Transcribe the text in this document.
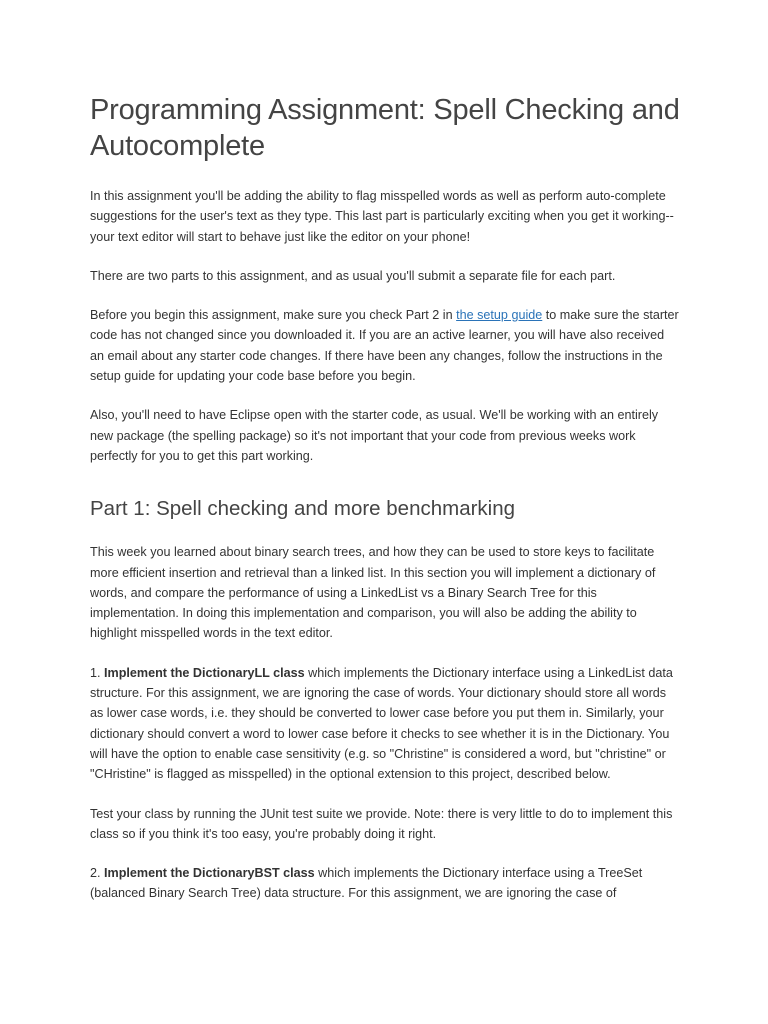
Programming Assignment: Spell Checking and Autocomplete

In this assignment you'll be adding the ability to flag misspelled words as well as perform auto-complete suggestions for the user's text as they type. This last part is particularly exciting when you get it working--your text editor will start to behave just like the editor on your phone!

There are two parts to this assignment, and as usual you'll submit a separate file for each part.

Before you begin this assignment, make sure you check Part 2 in the setup guide to make sure the starter code has not changed since you downloaded it. If you are an active learner, you will have also received an email about any starter code changes. If there have been any changes, follow the instructions in the setup guide for updating your code base before you begin.

Also, you'll need to have Eclipse open with the starter code, as usual. We'll be working with an entirely new package (the spelling package) so it's not important that your code from previous weeks work perfectly for you to get this part working.

Part 1: Spell checking and more benchmarking

This week you learned about binary search trees, and how they can be used to store keys to facilitate more efficient insertion and retrieval than a linked list. In this section you will implement a dictionary of words, and compare the performance of using a LinkedList vs a Binary Search Tree for this implementation. In doing this implementation and comparison, you will also be adding the ability to highlight misspelled words in the text editor.

1. Implement the DictionaryLL class which implements the Dictionary interface using a LinkedList data structure. For this assignment, we are ignoring the case of words. Your dictionary should store all words as lower case words, i.e. they should be converted to lower case before you put them in. Similarly, your dictionary should convert a word to lower case before it checks to see whether it is in the Dictionary. You will have the option to enable case sensitivity (e.g. so "Christine" is considered a word, but "christine" or "CHristine" is flagged as misspelled) in the optional extension to this project, described below.

Test your class by running the JUnit test suite we provide. Note: there is very little to do to implement this class so if you think it's too easy, you're probably doing it right.

2. Implement the DictionaryBST class which implements the Dictionary interface using a TreeSet (balanced Binary Search Tree) data structure. For this assignment, we are ignoring the case of
